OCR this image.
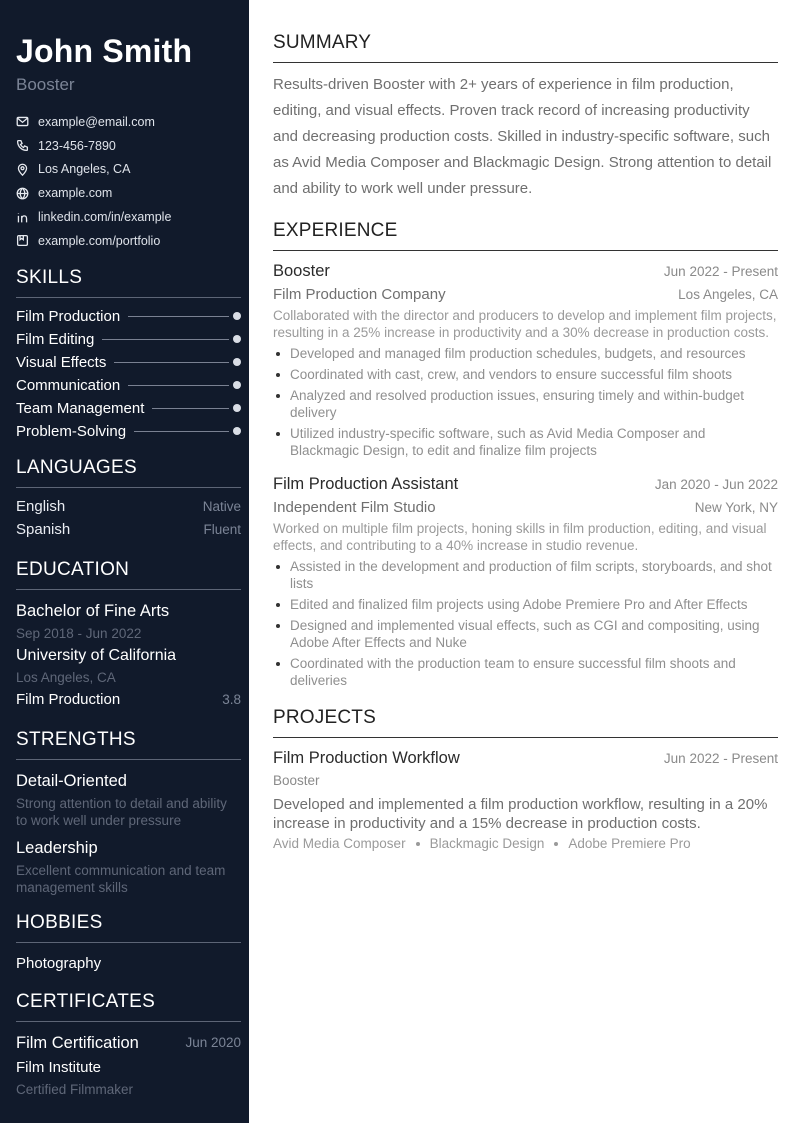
John Smith
Booster
example@email.com
123-456-7890
Los Angeles, CA
example.com
linkedin.com/in/example
example.com/portfolio
SKILLS
Film Production
Film Editing
Visual Effects
Communication
Team Management
Problem-Solving
LANGUAGES
English	Native
Spanish	Fluent
EDUCATION
Bachelor of Fine Arts
Sep 2018 - Jun 2022
University of California
Los Angeles, CA
Film Production	3.8
STRENGTHS
Detail-Oriented
Strong attention to detail and ability to work well under pressure
Leadership
Excellent communication and team management skills
HOBBIES
Photography
CERTIFICATES
Film Certification	Jun 2020
Film Institute
Certified Filmmaker
SUMMARY

Results-driven Booster with 2+ years of experience in film production, editing, and visual effects. Proven track record of increasing productivity and decreasing production costs. Skilled in industry-specific software, such as Avid Media Composer and Blackmagic Design. Strong attention to detail and ability to work well under pressure.

EXPERIENCE
Booster	Jun 2022 - Present
Film Production Company	Los Angeles, CA

Collaborated with the director and producers to develop and implement film projects, resulting in a 25% increase in productivity and a 30% decrease in production costs.

Developed and managed film production schedules, budgets, and resources
Coordinated with cast, crew, and vendors to ensure successful film shoots
Analyzed and resolved production issues, ensuring timely and within-budget delivery
Utilized industry-specific software, such as Avid Media Composer and Blackmagic Design, to edit and finalize film projects
Film Production Assistant	Jan 2020 - Jun 2022
Independent Film Studio	New York, NY

Worked on multiple film projects, honing skills in film production, editing, and visual effects, and contributing to a 40% increase in studio revenue.

Assisted in the development and production of film scripts, storyboards, and shot lists
Edited and finalized film projects using Adobe Premiere Pro and After Effects
Designed and implemented visual effects, such as CGI and compositing, using Adobe After Effects and Nuke
Coordinated with the production team to ensure successful film shoots and deliveries
PROJECTS
Film Production Workflow	Jun 2022 - Present
Booster

Developed and implemented a film production workflow, resulting in a 20% increase in productivity and a 15% decrease in production costs.

Avid Media Composer Blackmagic Design Adobe Premiere Pro
